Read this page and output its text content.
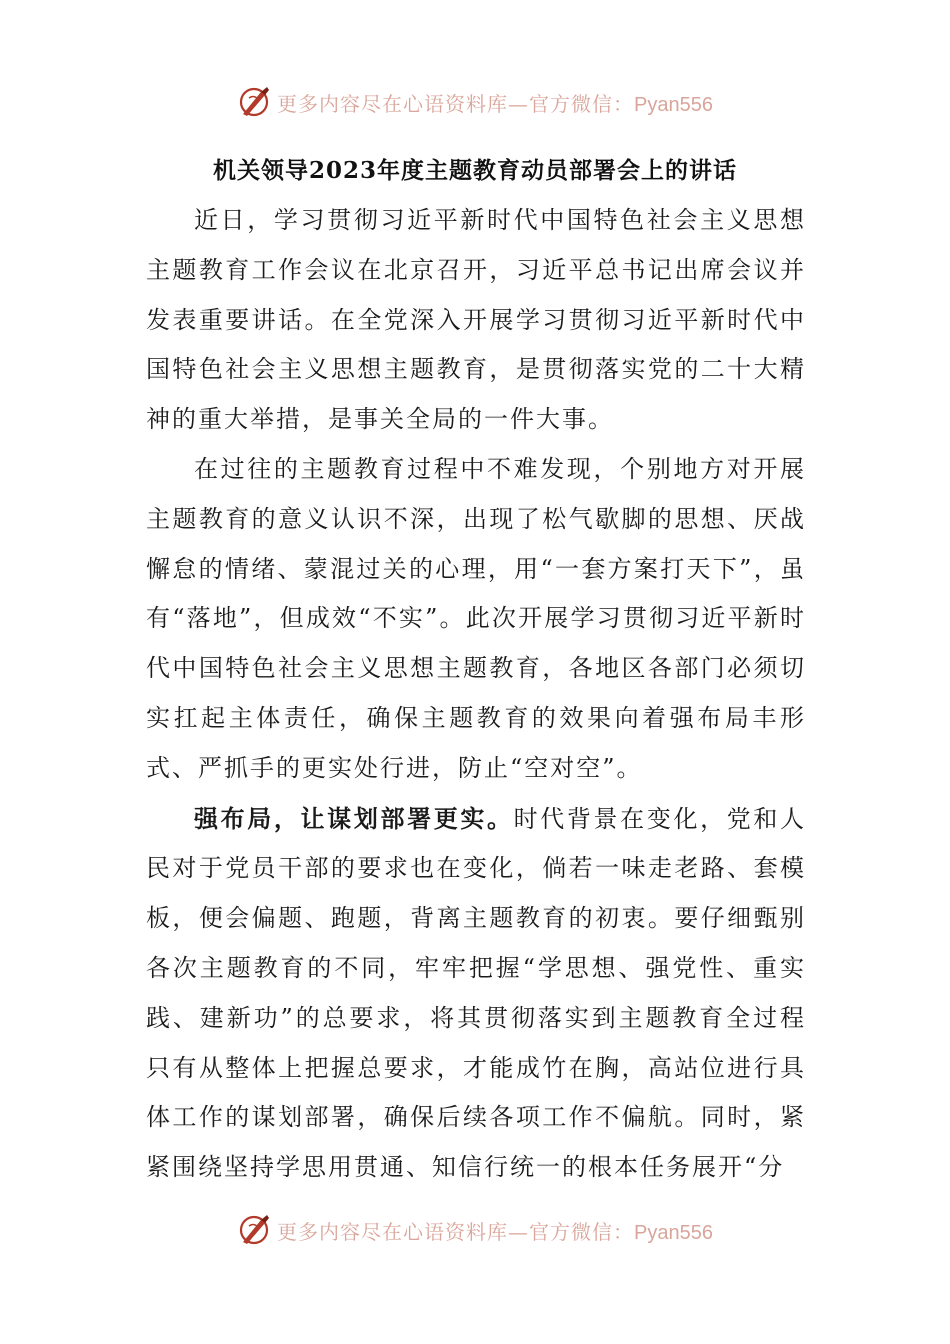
更多内容尽在心语资料库—官方微信：Pyan556
机关领导2023年度主题教育动员部署会上的讲话

近日，学习贯彻习近平新时代中国特色社会主义思想主题教育工作会议在北京召开，习近平总书记出席会议并发表重要讲话。在全党深入开展学习贯彻习近平新时代中国特色社会主义思想主题教育，是贯彻落实党的二十大精神的重大举措，是事关全局的一件大事。

在过往的主题教育过程中不难发现，个别地方对开展主题教育的意义认识不深，出现了松气歇脚的思想、厌战懈怠的情绪、蒙混过关的心理，用“一套方案打天下”，虽有“落地”，但成效“不实”。此次开展学习贯彻习近平新时代中国特色社会主义思想主题教育，各地区各部门必须切实扛起主体责任，确保主题教育的效果向着强布局丰形式、严抓手的更实处行进，防止“空对空”。

强布局，让谋划部署更实。时代背景在变化，党和人民对于党员干部的要求也在变化，倘若一味走老路、套模板，便会偏题、跑题，背离主题教育的初衷。要仔细甄别各次主题教育的不同，牢牢把握“学思想、强党性、重实践、建新功”的总要求，将其贯彻落实到主题教育全过程只有从整体上把握总要求，才能成竹在胸，高站位进行具体工作的谋划部署，确保后续各项工作不偏航。同时，紧紧围绕坚持学思用贯通、知信行统一的根本任务展开“分

更多内容尽在心语资料库—官方微信：Pyan556
